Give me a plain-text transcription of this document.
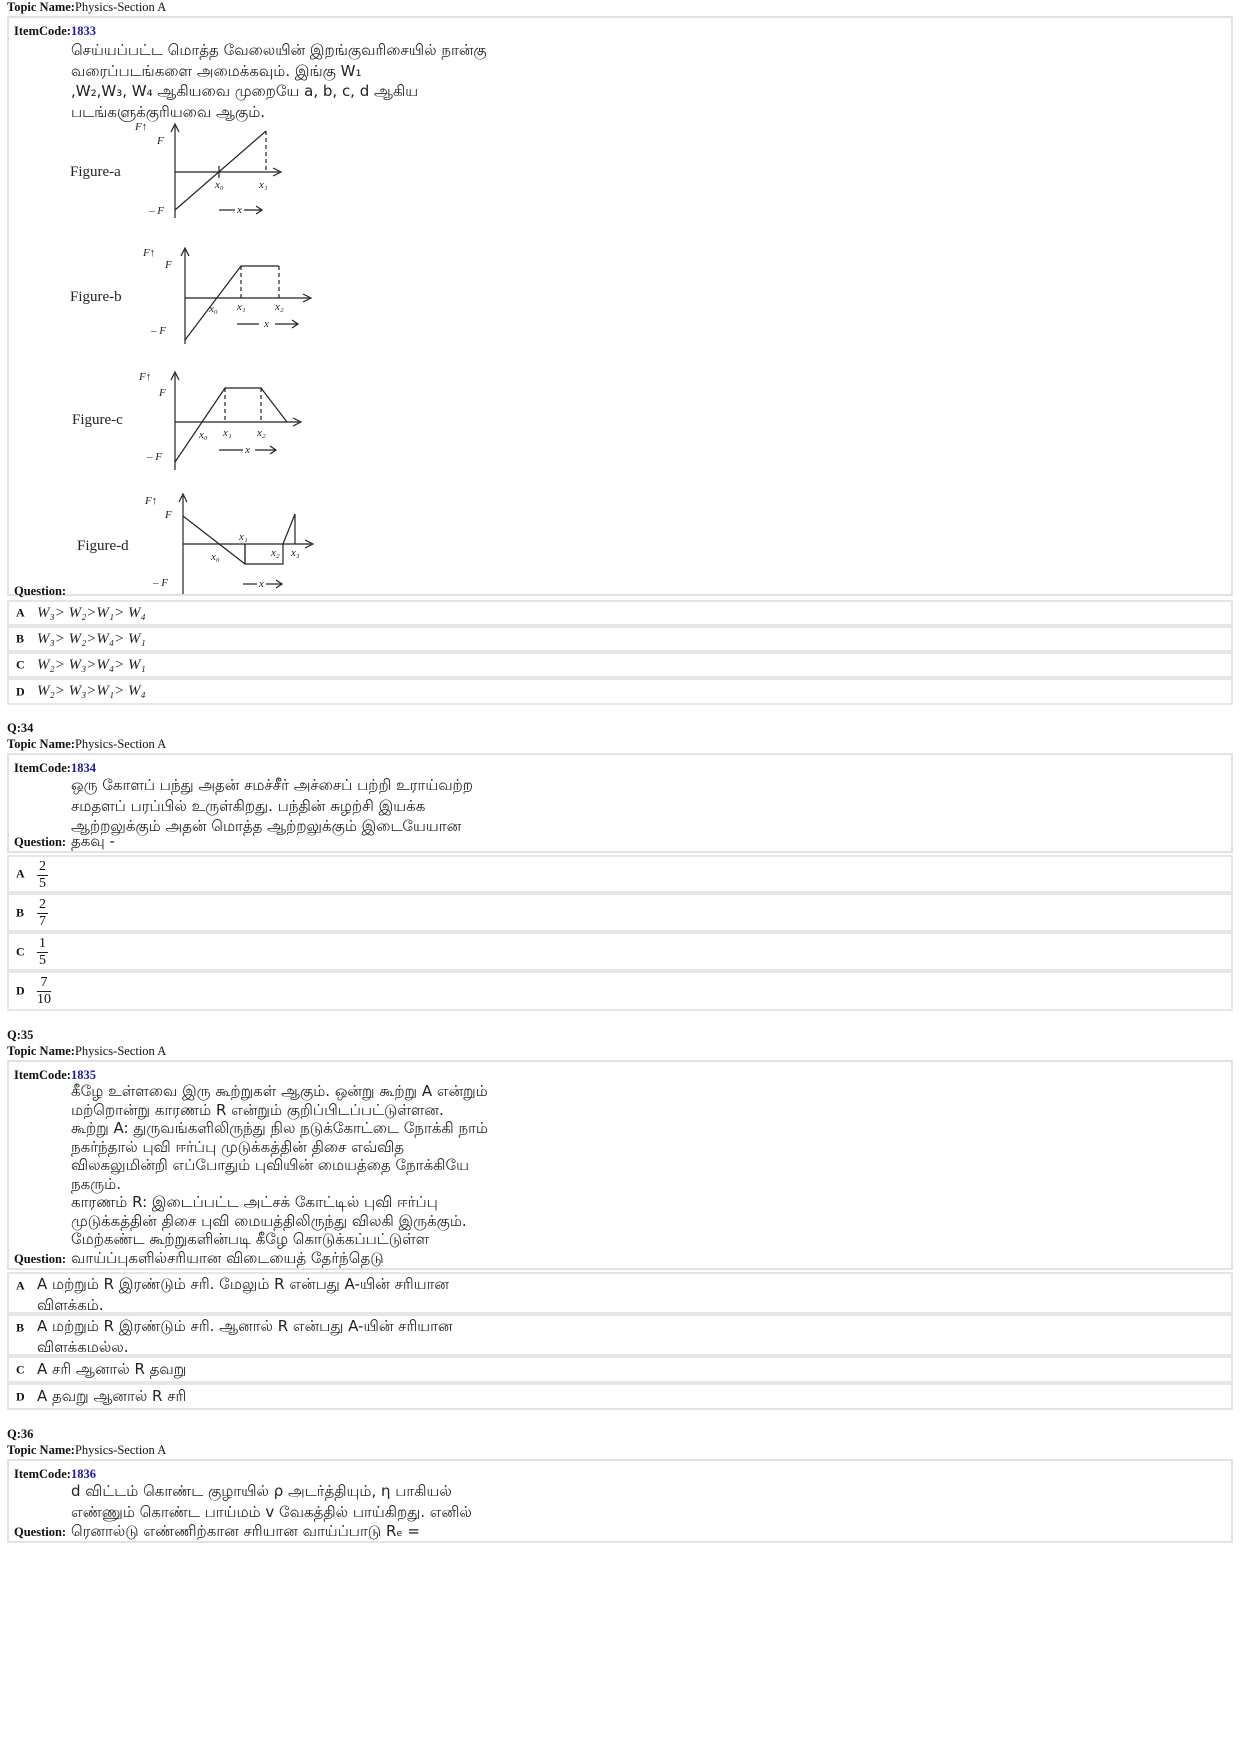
Topic Name:Physics-Section A
ItemCode:1833
செய்யப்பட்ட மொத்த வேலையின் இறங்குவரிசையில் நான்கு
வரைப்படங்களை அமைக்கவும். இங்கு W₁
,W₂,W₃, W₄ ஆகியவை முறையே a, b, c, d ஆகிய
படங்களுக்குரியவை ஆகும்.
Figure-a
F↑
F
– F
x₀	x₁
x
Figure-b
F↑
F
– F
x₀ x₁	x₂
x
Figure-c
F↑
F
– F
x₀ x₁ x₂
x
Figure-d
F↑
F
– F
x₀
x₁
x₂ x₃
x
Question:
A W₃> W₂>W₁> W₄
B W₃> W₂>W₄> W₁
C W₂> W₃>W₄> W₁
D W₂> W₃>W₁> W₄
Q:34
Topic Name:Physics-Section A
ItemCode:1834
ஒரு கோளப் பந்து அதன் சமச்சீர் அச்சைப் பற்றி உராய்வற்ற
சமதளப் பரப்பில் உருள்கிறது. பந்தின் சுழற்சி இயக்க
ஆற்றலுக்கும் அதன் மொத்த ஆற்றலுக்கும் இடையேயான
Question: தகவு -
A $\frac{2}{5}$
B $\frac{2}{7}$
C $\frac{1}{5}$
D $\frac{7}{10}$
Q:35
Topic Name:Physics-Section A
ItemCode:1835
கீழே உள்ளவை இரு கூற்றுகள் ஆகும். ஒன்று கூற்று A என்றும்
மற்றொன்று காரணம் R என்றும் குறிப்பிடப்பட்டுள்ளன.
கூற்று A: துருவங்களிலிருந்து நில நடுக்கோட்டை நோக்கி நாம்
நகர்ந்தால் புவி ஈர்ப்பு முடுக்கத்தின் திசை எவ்வித
விலகலுமின்றி எப்போதும் புவியின் மையத்தை நோக்கியே
நகரும்.
காரணம் R: இடைப்பட்ட அட்சக் கோட்டில் புவி ஈர்ப்பு
முடுக்கத்தின் திசை புவி மையத்திலிருந்து விலகி இருக்கும்.
மேற்கண்ட கூற்றுகளின்படி கீழே கொடுக்கப்பட்டுள்ள
Question: வாய்ப்புகளில்சரியான விடையைத் தேர்ந்தெடு
A A மற்றும் R இரண்டும் சரி. மேலும் R என்பது A-யின் சரியான
விளக்கம்.
B A மற்றும் R இரண்டும் சரி. ஆனால் R என்பது A-யின் சரியான
விளக்கமல்ல.
C A சரி ஆனால் R தவறு
D A தவறு ஆனால் R சரி
Q:36
Topic Name:Physics-Section A
ItemCode:1836
d விட்டம் கொண்ட குழாயில் ρ அடர்த்தியும், η பாகியல்
எண்ணும் கொண்ட பாய்மம் v வேகத்தில் பாய்கிறது. எனில்
Question: ரெனால்டு எண்ணிற்கான சரியான வாய்ப்பாடு Rₑ =
